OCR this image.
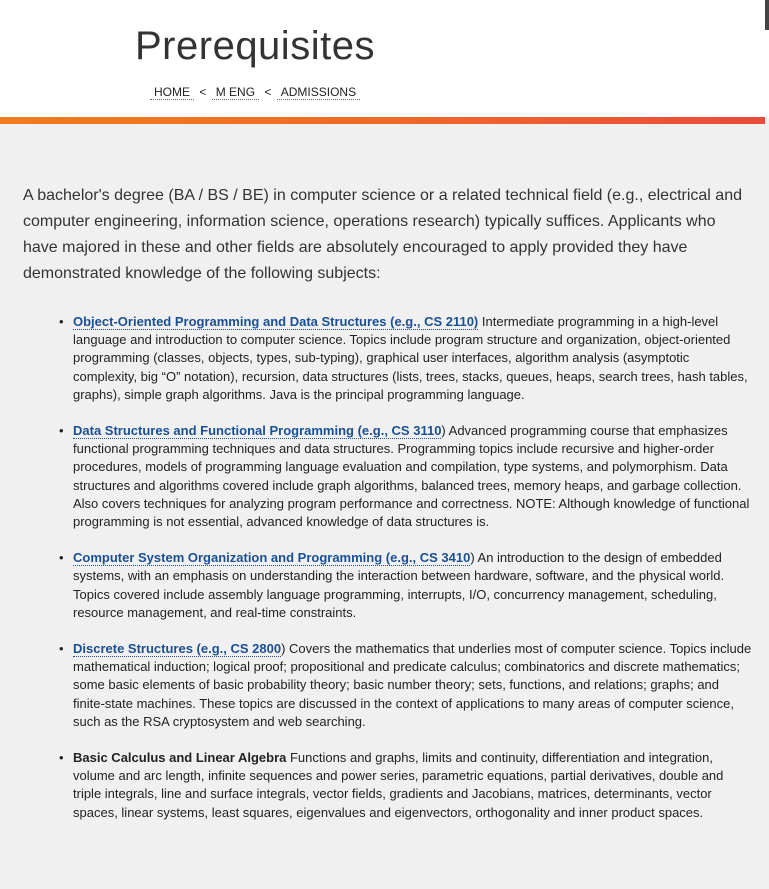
Prerequisites
HOME < M ENG < ADMISSIONS

A bachelor's degree (BA / BS / BE) in computer science or a related technical field (e.g., electrical and computer engineering, information science, operations research) typically suffices. Applicants who have majored in these and other fields are absolutely encouraged to apply provided they have demonstrated knowledge of the following subjects:

• Object-Oriented Programming and Data Structures (e.g., CS 2110) Intermediate programming in a high-level language and introduction to computer science. Topics include program structure and organization, object-oriented programming (classes, objects, types, sub-typing), graphical user interfaces, algorithm analysis (asymptotic complexity, big “O” notation), recursion, data structures (lists, trees, stacks, queues, heaps, search trees, hash tables, graphs), simple graph algorithms. Java is the principal programming language.
• Data Structures and Functional Programming (e.g., CS 3110) Advanced programming course that emphasizes functional programming techniques and data structures. Programming topics include recursive and higher-order procedures, models of programming language evaluation and compilation, type systems, and polymorphism. Data structures and algorithms covered include graph algorithms, balanced trees, memory heaps, and garbage collection. Also covers techniques for analyzing program performance and correctness. NOTE: Although knowledge of functional programming is not essential, advanced knowledge of data structures is.
• Computer System Organization and Programming (e.g., CS 3410) An introduction to the design of embedded systems, with an emphasis on understanding the interaction between hardware, software, and the physical world. Topics covered include assembly language programming, interrupts, I/O, concurrency management, scheduling, resource management, and real-time constraints.
• Discrete Structures (e.g., CS 2800) Covers the mathematics that underlies most of computer science. Topics include mathematical induction; logical proof; propositional and predicate calculus; combinatorics and discrete mathematics; some basic elements of basic probability theory; basic number theory; sets, functions, and relations; graphs; and finite-state machines. These topics are discussed in the context of applications to many areas of computer science, such as the RSA cryptosystem and web searching.
• Basic Calculus and Linear Algebra Functions and graphs, limits and continuity, differentiation and integration, volume and arc length, infinite sequences and power series, parametric equations, partial derivatives, double and triple integrals, line and surface integrals, vector fields, gradients and Jacobians, matrices, determinants, vector spaces, linear systems, least squares, eigenvalues and eigenvectors, orthogonality and inner product spaces.
